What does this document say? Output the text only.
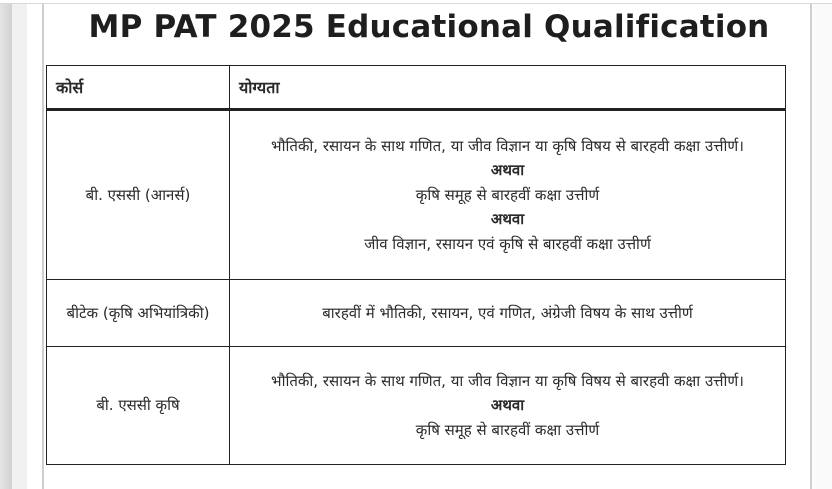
MP PAT 2025 Educational Qualification
कोर्स	योग्यता
बी. एससी (आनर्स)	भौतिकी, रसायन के साथ गणित, या जीव विज्ञान या कृषि विषय से बारहवी कक्षा उत्तीर्ण।
अथवा
कृषि समूह से बारहवीं कक्षा उत्तीर्ण
अथवा
जीव विज्ञान, रसायन एवं कृषि से बारहवीं कक्षा उत्तीर्ण

बीटेक (कृषि अभियांत्रिकी)	बारहवीं में भौतिकी, रसायन, एवं गणित, अंग्रेजी विषय के साथ उत्तीर्ण

बी. एससी कृषि	भौतिकी, रसायन के साथ गणित, या जीव विज्ञान या कृषि विषय से बारहवी कक्षा उत्तीर्ण।
अथवा
कृषि समूह से बारहवीं कक्षा उत्तीर्ण
